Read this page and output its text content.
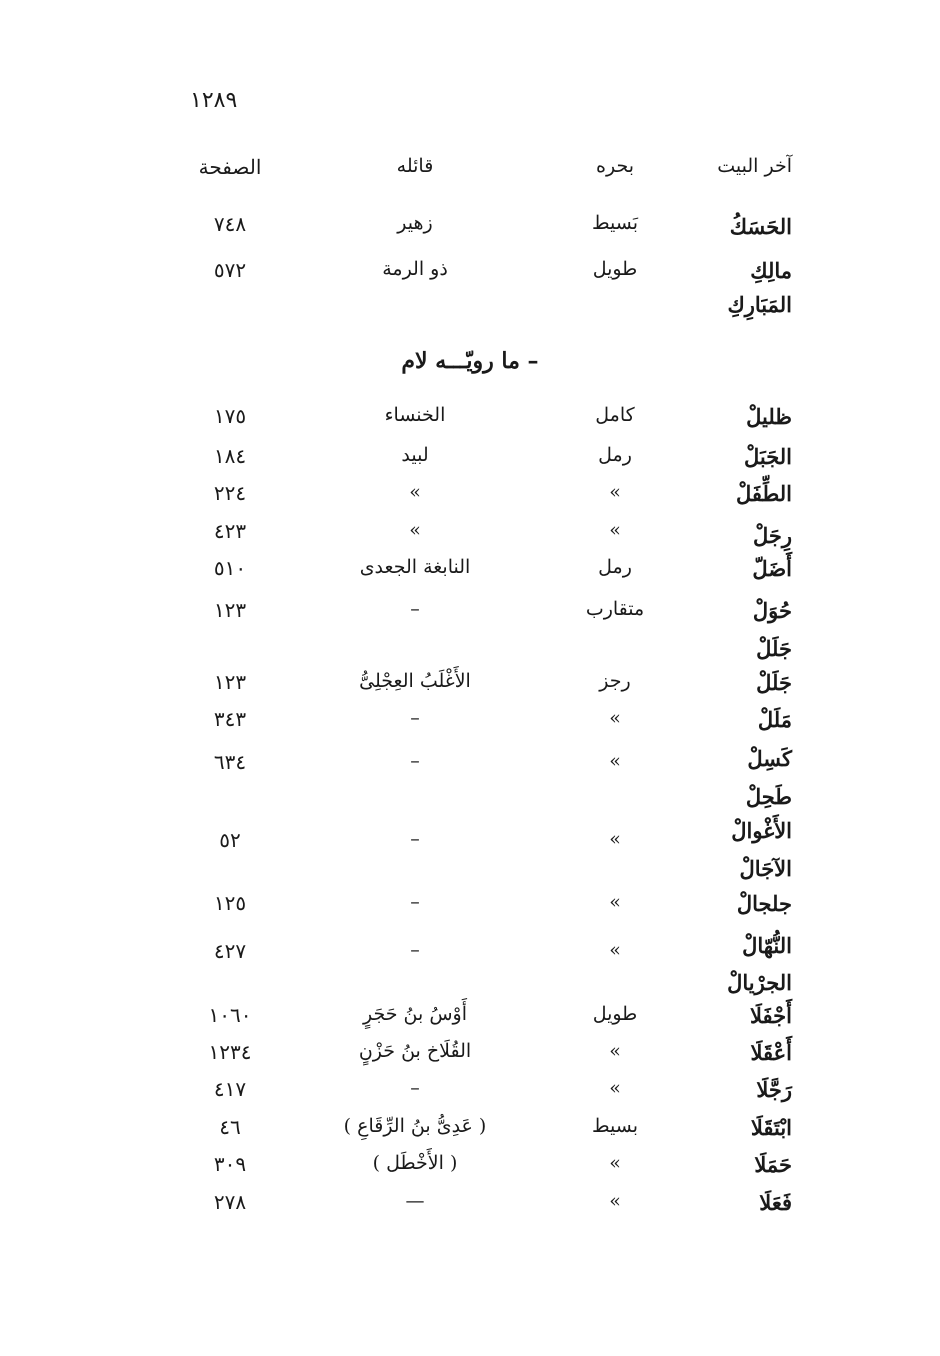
١٢٨٩
آخر البيت
بحره
قائله
الصفحة
– ما رويّـــه لام
الحَسَكُ
بَسيط
زهير
٧٤٨
مالِكِ
طويل
ذو الرمة
٥٧٢
المَبَارِكِ
ظليلْ
كامل
الخنساء
١٧٥
الجَبَلْ
رمل
لبيد
١٨٤
الطِّفَلْ
»
»
٢٢٤
رِجَلْ
»
»
٤٢٣
أَضَلّ
رمل
النابغة الجعدى
٥١٠
حُوَلْ
متقارب
–
١٢٣
جَلَلْ
جَلَلْ
رجز
الأَغْلَبُ العِجْلِىُّ
١٢٣
مَلَلْ
»
–
٣٤٣
كَسِلْ
»
–
٦٣٤
طَحِلْ
الأَغْوالْ
»
–
٥٢
الآجَالْ
جلجالْ
»
–
١٢٥
النُّهّالْ
»
–
٤٢٧
الجرْيالْ
أَجْفَلَا
طويل
أَوْسُ بنُ حَجَرٍ
١٠٦٠
أَعْقَلَا
»
القُلَاخ بنُ حَزْنٍ
١٢٣٤
رَجَّلَا
»
–
٤١٧
ابْتَقَلَا
بسيط
( عَدِىُّ بنُ الرِّقَاعِ )
٤٦
حَمَلَا
»
( الأَخْطَل )
٣٠٩
فَعَلَا
»
—
٢٧٨
